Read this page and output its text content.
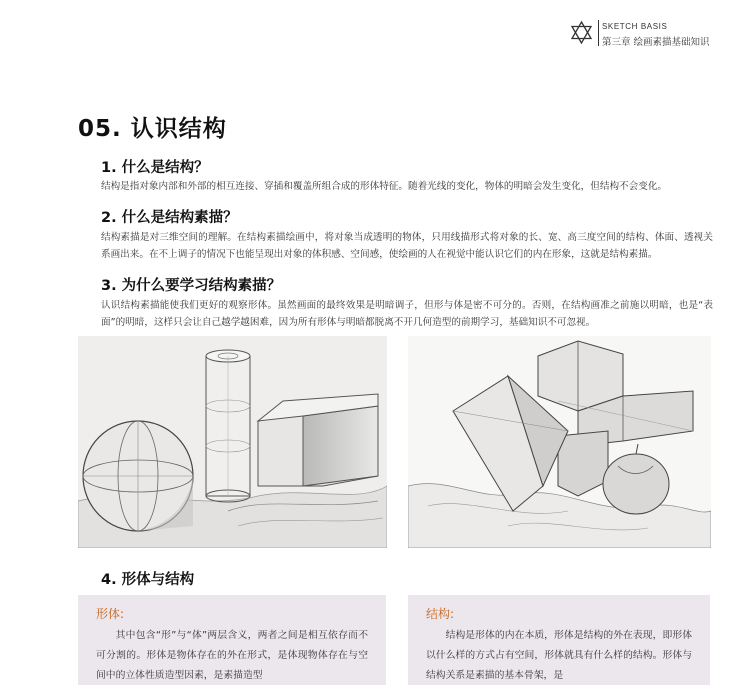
SKETCH BASIS
第三章 绘画素描基础知识
05. 认识结构
1. 什么是结构？
结构是指对象内部和外部的相互连接、穿插和覆盖所组合成的形体特征。随着光线的变化，物体的明暗会发生变化，但结构不会变化。
2. 什么是结构素描？
结构素描是对三维空间的理解。在结构素描绘画中，将对象当成透明的物体，只用线描形式将对象的长、宽、高三度空间的结构、体面、透视关系画出来。在不上调子的情况下也能呈现出对象的体积感、空间感，使绘画的人在视觉中能认识它们的内在形象，这就是结构素描。
3. 为什么要学习结构素描？
认识结构素描能使我们更好的观察形体。虽然画面的最终效果是明暗调子，但形与体是密不可分的。否则，在结构画准之前施以明暗，也是“表面”的明暗，这样只会让自己越学越困难，因为所有形体与明暗都脱离不开几何造型的前期学习，基础知识不可忽视。
4. 形体与结构
形体:
其中包含“形”与“体”两层含义，两者之间是相互依存而不可分割的。形体是物体存在的外在形式，是体现物体存在与空间中的立体性质造型因素，是素描造型
结构:
结构是形体的内在本质，形体是结构的外在表现，即形体以什么样的方式占有空间，形体就具有什么样的结构。形体与结构关系是素描的基本骨架，是
